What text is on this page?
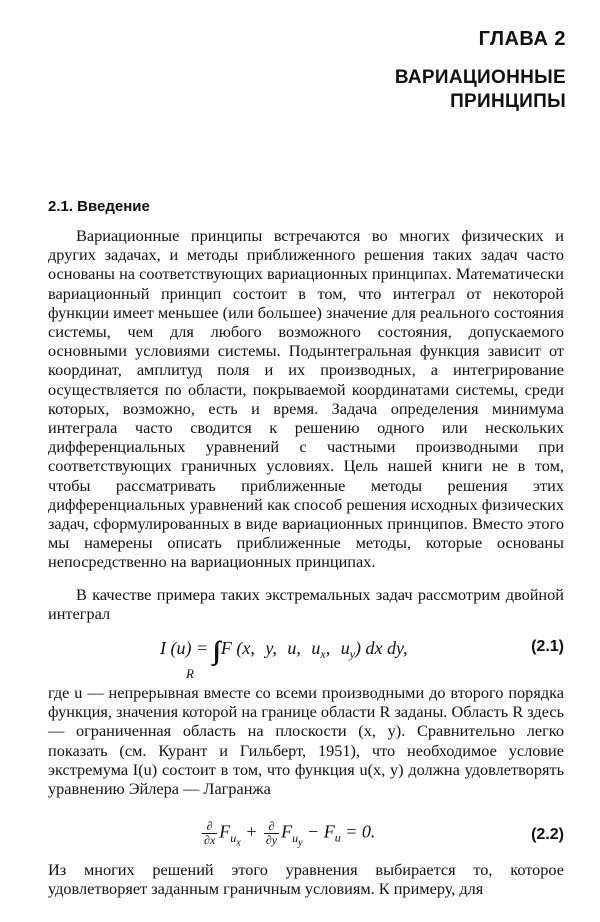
ГЛАВА 2
ВАРИАЦИОННЫЕ
ПРИНЦИПЫ
2.1. Введение
Вариационные принципы встречаются во многих физических и других задачах, и методы приближенного решения таких задач часто основаны на соответствующих вариационных принципах. Математически вариационный принцип состоит в том, что интеграл от некоторой функции имеет меньшее (или большее) значение для реального состояния системы, чем для любого возможного состояния, допускаемого основными условиями системы. Подынтегральная функция зависит от координат, амплитуд поля и их производных, а интегрирование осуществляется по области, покрываемой координатами системы, среди которых, возможно, есть и время. Задача определения минимума интеграла часто сводится к решению одного или нескольких дифференциальных уравнений с частными производными при соответствующих граничных условиях. Цель нашей книги не в том, чтобы рассматривать приближенные методы решения этих дифференциальных уравнений как способ решения исходных физических задач, сформулированных в виде вариационных принципов. Вместо этого мы намерены описать приближенные методы, которые основаны непосредственно на вариационных принципах.
В качестве примера таких экстремальных задач рассмотрим двойной интеграл
I (u) = ∫∫ F (x, y, u, $u_x$, $u_y$) dx dy,
R
(2.1)
где u — непрерывная вместе со всеми производными до второго порядка функция, значения которой на границе области R заданы. Область R здесь — ограниченная область на плоскости (x, y). Сравнительно легко показать (см. Курант и Гильберт, 1951), что необходимое условие экстремума I(u) состоит в том, что функция u(x, y) должна удовлетворять уравнению Эйлера — Лагранжа
$\frac{\partial}{\partial x} F_{u_x} + \frac{\partial}{\partial y} F_{u_y} - F_u = 0$.	(2.2)
Из многих решений этого уравнения выбирается то, которое удовлетворяет заданным граничным условиям. К примеру, для
